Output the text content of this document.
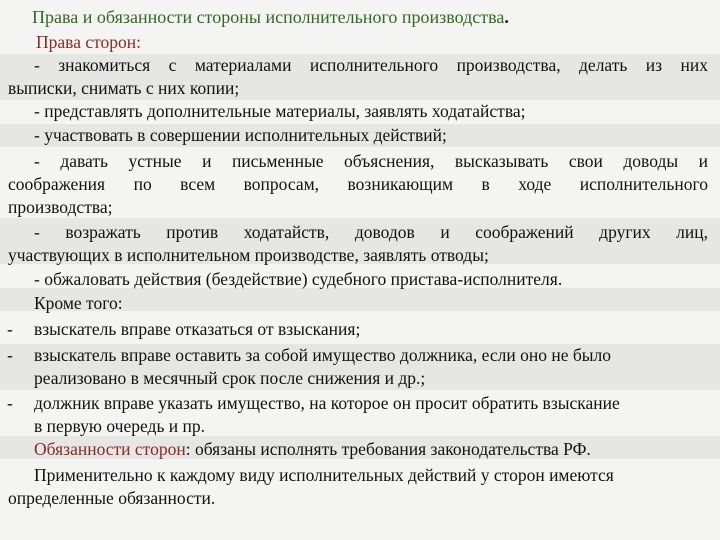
Права и обязанности стороны исполнительного производства.
Права сторон:
- знакомиться с материалами исполнительного производства, делать из них
выписки, снимать с них копии;
- представлять дополнительные материалы, заявлять ходатайства;
- участвовать в совершении исполнительных действий;
- давать устные и письменные объяснения, высказывать свои доводы и
соображения по всем вопросам, возникающим в ходе исполнительного
производства;
- возражать против ходатайств, доводов и соображений других лиц,
участвующих в исполнительном производстве, заявлять отводы;
- обжаловать действия (бездействие) судебного пристава-исполнителя.
Кроме того:
- взыскатель вправе отказаться от взыскания;
- взыскатель вправе оставить за собой имущество должника, если оно не было
реализовано в месячный срок после снижения и др.;
- должник вправе указать имущество, на которое он просит обратить взыскание
в первую очередь и пр.
Обязанности сторон: обязаны исполнять требования законодательства РФ.
Применительно к каждому виду исполнительных действий у сторон имеются
определенные обязанности.
